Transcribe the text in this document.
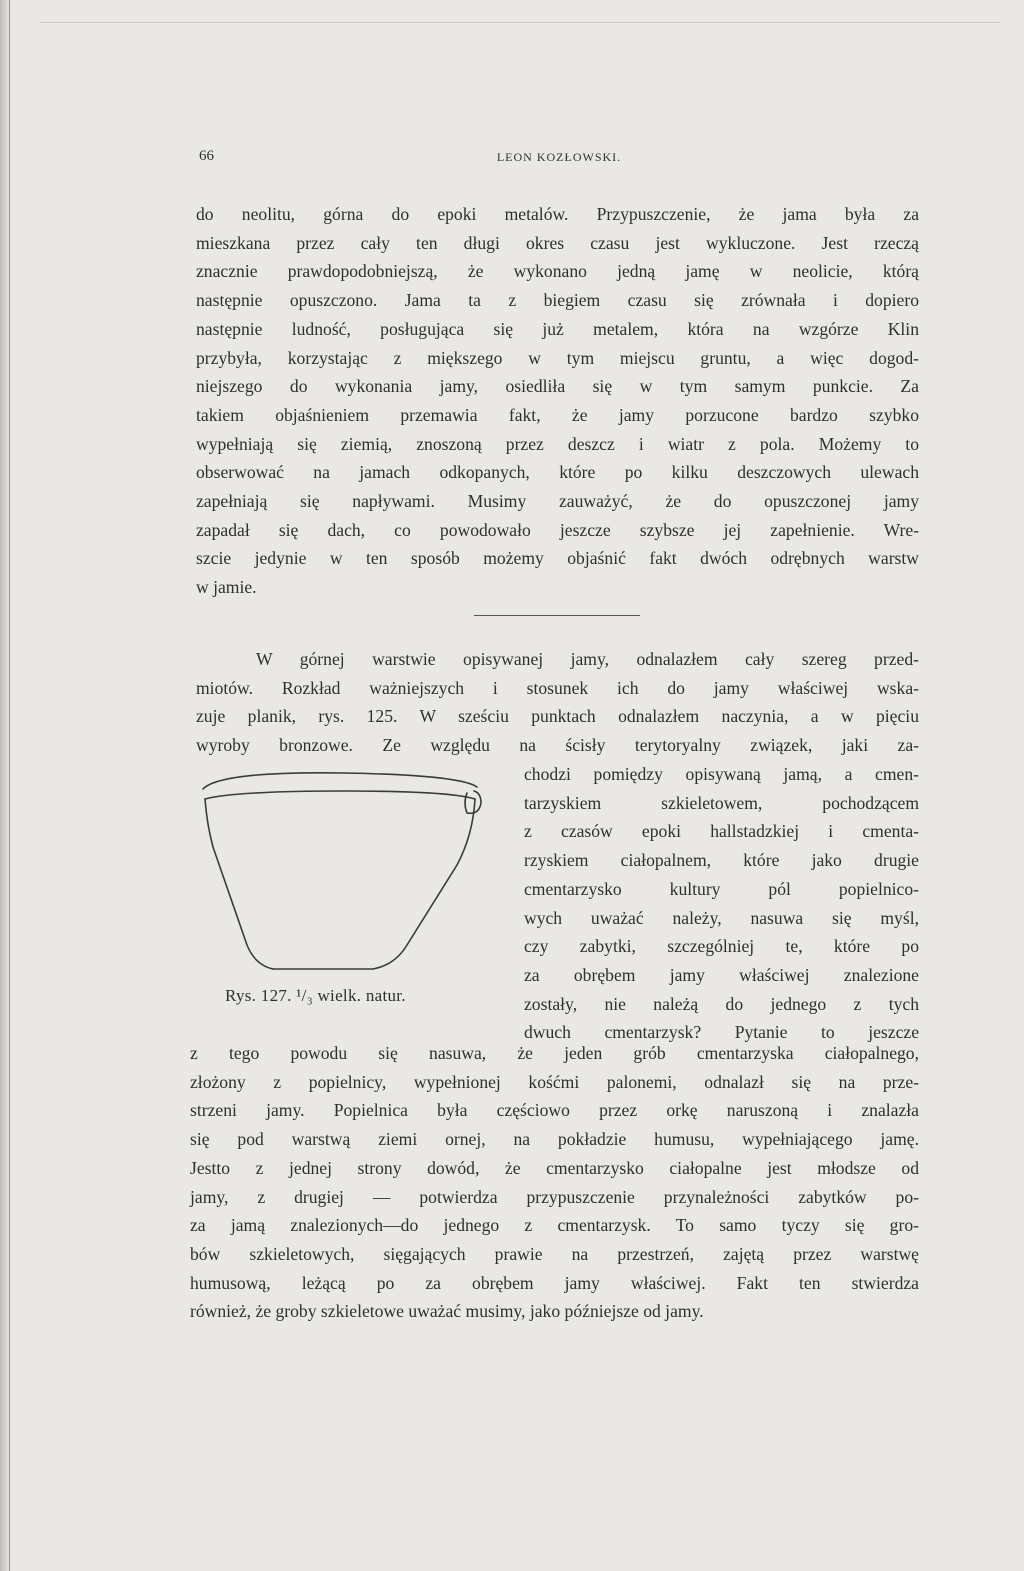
66	LEON KOZŁOWSKI.
do neolitu, górna do epoki metalów. Przypuszczenie, że jama była za
mieszkana przez cały ten długi okres czasu jest wykluczone. Jest rzeczą
znacznie prawdopodobniejszą, że wykonano jedną jamę w neolicie, którą
następnie opuszczono. Jama ta z biegiem czasu się zrównała i dopiero
następnie ludność, posługująca się już metalem, która na wzgórze Klin
przybyła, korzystając z miększego w tym miejscu gruntu, a więc dogod-
niejszego do wykonania jamy, osiedliła się w tym samym punkcie. Za
takiem objaśnieniem przemawia fakt, że jamy porzucone bardzo szybko
wypełniają się ziemią, znoszoną przez deszcz i wiatr z pola. Możemy to
obserwować na jamach odkopanych, które po kilku deszczowych ulewach
zapełniają się napływami. Musimy zauważyć, że do opuszczonej jamy
zapadał się dach, co powodowało jeszcze szybsze jej zapełnienie. Wre-
szcie jedynie w ten sposób możemy objaśnić fakt dwóch odrębnych warstw
w jamie.
W górnej warstwie opisywanej jamy, odnalazłem cały szereg przed-
miotów. Rozkład ważniejszych i stosunek ich do jamy właściwej wska-
zuje planik, rys. 125. W sześciu punktach odnalazłem naczynia, a w pięciu
wyroby bronzowe. Ze względu na ścisły terytoryalny związek, jaki za-
chodzi pomiędzy opisywaną jamą, a cmen-
tarzyskiem szkieletowem, pochodzącem
z czasów epoki hallstadzkiej i cmenta-
rzyskiem ciałopalnem, które jako drugie
cmentarzysko kultury pól popielnico-
wych uważać należy, nasuwa się myśl,
czy zabytki, szczególniej te, które po
za obrębem jamy właściwej znalezione
zostały, nie należą do jednego z tych
dwuch cmentarzysk? Pytanie to jeszcze
z tego powodu się nasuwa, że jeden grób cmentarzyska ciałopalnego,
złożony z popielnicy, wypełnionej kośćmi palonemi, odnalazł się na prze-
strzeni jamy. Popielnica była częściowo przez orkę naruszoną i znalazła
się pod warstwą ziemi ornej, na pokładzie humusu, wypełniającego jamę.
Jestto z jednej strony dowód, że cmentarzysko ciałopalne jest młodsze od
jamy, z drugiej — potwierdza przypuszczenie przynależności zabytków po-
za jamą znalezionych—do jednego z cmentarzysk. To samo tyczy się gro-
bów szkieletowych, sięgających prawie na przestrzeń, zajętą przez warstwę
humusową, leżącą po za obrębem jamy właściwej. Fakt ten stwierdza
również, że groby szkieletowe uważać musimy, jako późniejsze od jamy.
Rys. 127. ¹/₃ wielk. natur.
